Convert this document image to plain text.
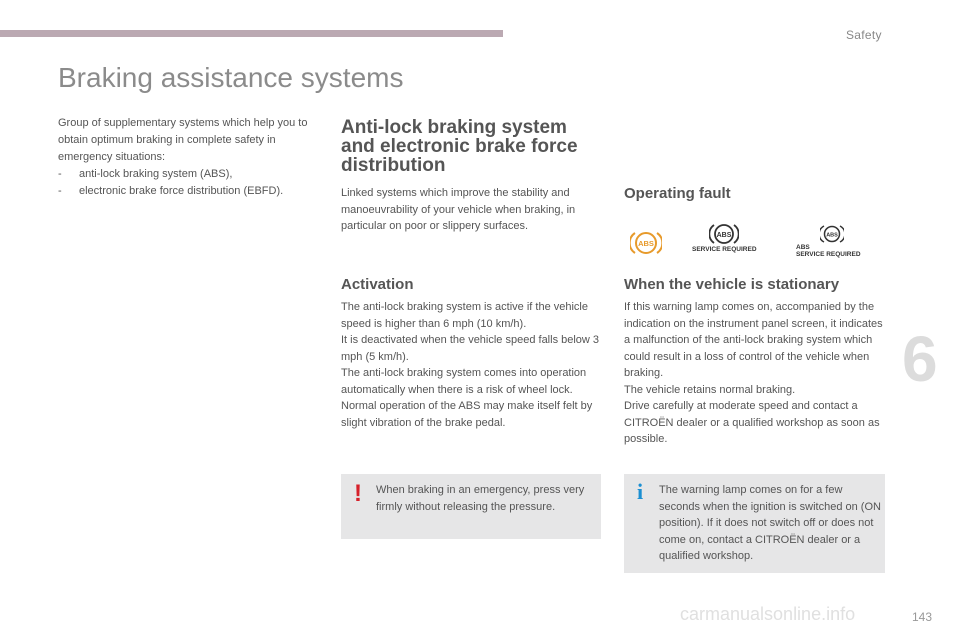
Safety
Braking assistance systems

Group of supplementary systems which help you to obtain optimum braking in complete safety in emergency situations:

- anti-lock braking system (ABS),
- electronic brake force distribution (EBFD).
Anti-lock braking system and electronic brake force distribution

Linked systems which improve the stability and manoeuvrability of your vehicle when braking, in particular on poor or slippery surfaces.

Activation
The anti-lock braking system is active if the vehicle speed is higher than 6 mph (10 km/h).
It is deactivated when the vehicle speed falls below 3 mph (5 km/h).
The anti-lock braking system comes into operation automatically when there is a risk of wheel lock.
Normal operation of the ABS may make itself felt by slight vibration of the brake pedal.
! When braking in an emergency, press very firmly without releasing the pressure.
Operating fault
ABS
ABS
SERVICE REQUIRED
ABS
ABS
SERVICE REQUIRED
When the vehicle is stationary
If this warning lamp comes on, accompanied by the indication on the instrument panel screen, it indicates a malfunction of the anti-lock braking system which could result in a loss of control of the vehicle when braking.
The vehicle retains normal braking.
Drive carefully at moderate speed and contact a CITROËN dealer or a qualified workshop as soon as possible.
i The warning lamp comes on for a few seconds when the ignition is switched on (ON position). If it does not switch off or does not come on, contact a CITROËN dealer or a qualified workshop.
6
carmanualsonline.info	143
